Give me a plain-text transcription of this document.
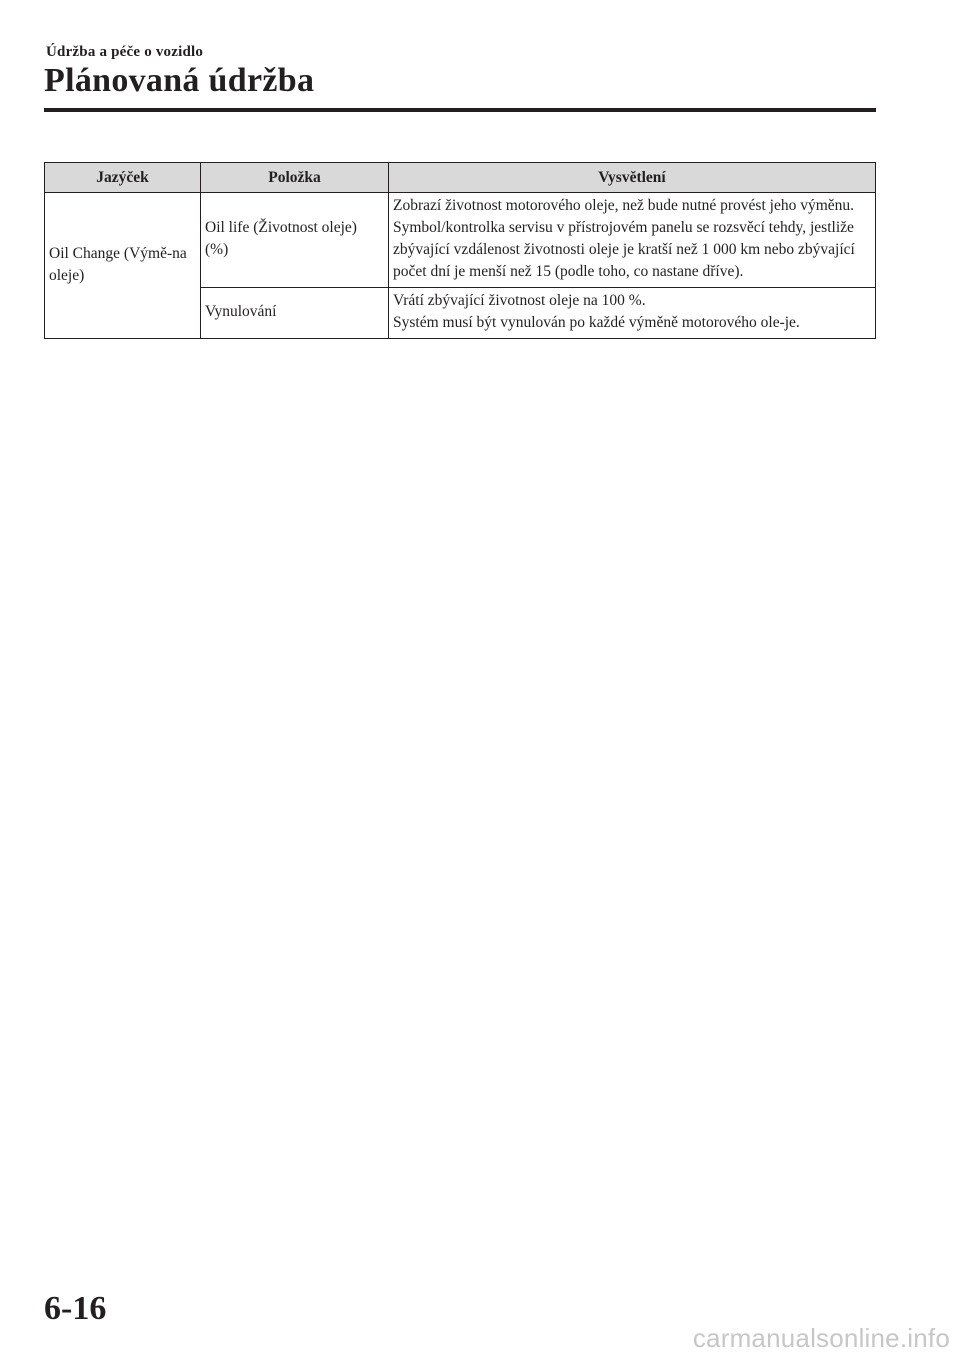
Údržba a péče o vozidlo
Plánovaná údržba
Jazýček	Položka	Vysvětlení
Oil Change (Výmě-na oleje)	Oil life (Životnost oleje) (%)	Zobrazí životnost motorového oleje, než bude nutné provést jeho výměnu.
Symbol/kontrolka servisu v přístrojovém panelu se rozsvěcí tehdy, jestliže zbývající vzdálenost životnosti oleje je kratší než 1 000 km nebo zbývající počet dní je menší než 15 (podle toho, co nastane dříve).

	Vynulování	Vrátí zbývající životnost oleje na 100 %.
Systém musí být vynulován po každé výměně motorového ole-je.
6-16
carmanualsonline.info
